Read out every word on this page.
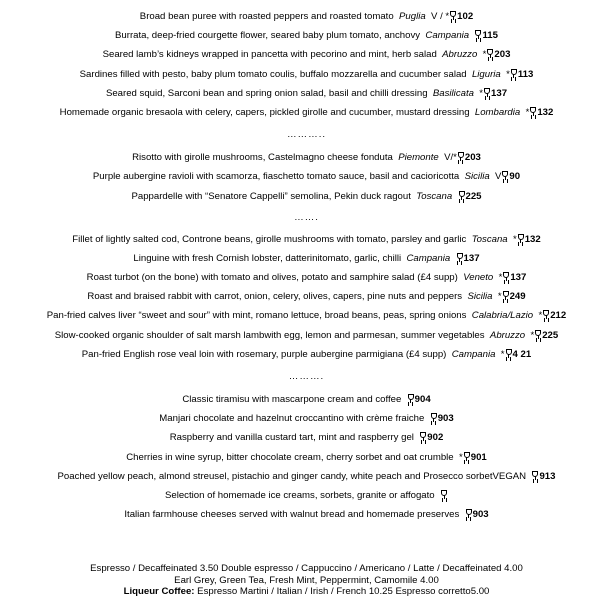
Broad bean puree with roasted peppers and roasted tomato Puglia V / * 102
Burrata, deep-fried courgette flower, seared baby plum tomato, anchovy Campania 115
Seared lamb’s kidneys wrapped in pancetta with pecorino and mint, herb salad Abruzzo * 203
Sardines filled with pesto, baby plum tomato coulis, buffalo mozzarella and cucumber salad Liguria * 113
Seared squid, Sarconi bean and spring onion salad, basil and chilli dressing Basilicata * 137
Homemade organic bresaola with celery, capers, pickled girolle and cucumber, mustard dressing Lombardia * 132
………..
Risotto with girolle mushrooms, Castelmagno cheese fonduta Piemonte V/* 203
Purple aubergine ravioli with scamorza, fiaschetto tomato sauce, basil and cacioricotta Sicilia V 90
Pappardelle with “Senatore Cappelli” semolina, Pekin duck ragout Toscana 225
…….
Fillet of lightly salted cod, Controne beans, girolle mushrooms with tomato, parsley and garlic Toscana * 132
Linguine with fresh Cornish lobster, datterinitomato, garlic, chilli Campania 137
Roast turbot (on the bone) with tomato and olives, potato and samphire salad (£4 supp) Veneto * 137
Roast and braised rabbit with carrot, onion, celery, olives, capers, pine nuts and peppers Sicilia * 249
Pan-fried calves liver “sweet and sour” with mint, romano lettuce, broad beans, peas, spring onions Calabria/Lazio * 212
Slow-cooked organic shoulder of salt marsh lambwith egg, lemon and parmesan, summer vegetables Abruzzo * 225
Pan-fried English rose veal loin with rosemary, purple aubergine parmigiana (£4 supp) Campania * 4 21
……….
Classic tiramisu with mascarpone cream and coffee 904
Manjari chocolate and hazelnut croccantino with crème fraiche 903
Raspberry and vanilla custard tart, mint and raspberry gel 902
Cherries in wine syrup, bitter chocolate cream, cherry sorbet and oat crumble * 901
Poached yellow peach, almond streusel, pistachio and ginger candy, white peach and Prosecco sorbetVEGAN 913
Selection of homemade ice creams, sorbets, granite or affogato
Italian farmhouse cheeses served with walnut bread and homemade preserves 903
Espresso / Decaffeinated 3.50 Double espresso / Cappuccino / Americano / Latte / Decaffeinated 4.00
Earl Grey, Green Tea, Fresh Mint, Peppermint, Camomile 4.00
Liqueur Coffee: Espresso Martini / Italian / Irish / French 10.25 Espresso corretto5.00
